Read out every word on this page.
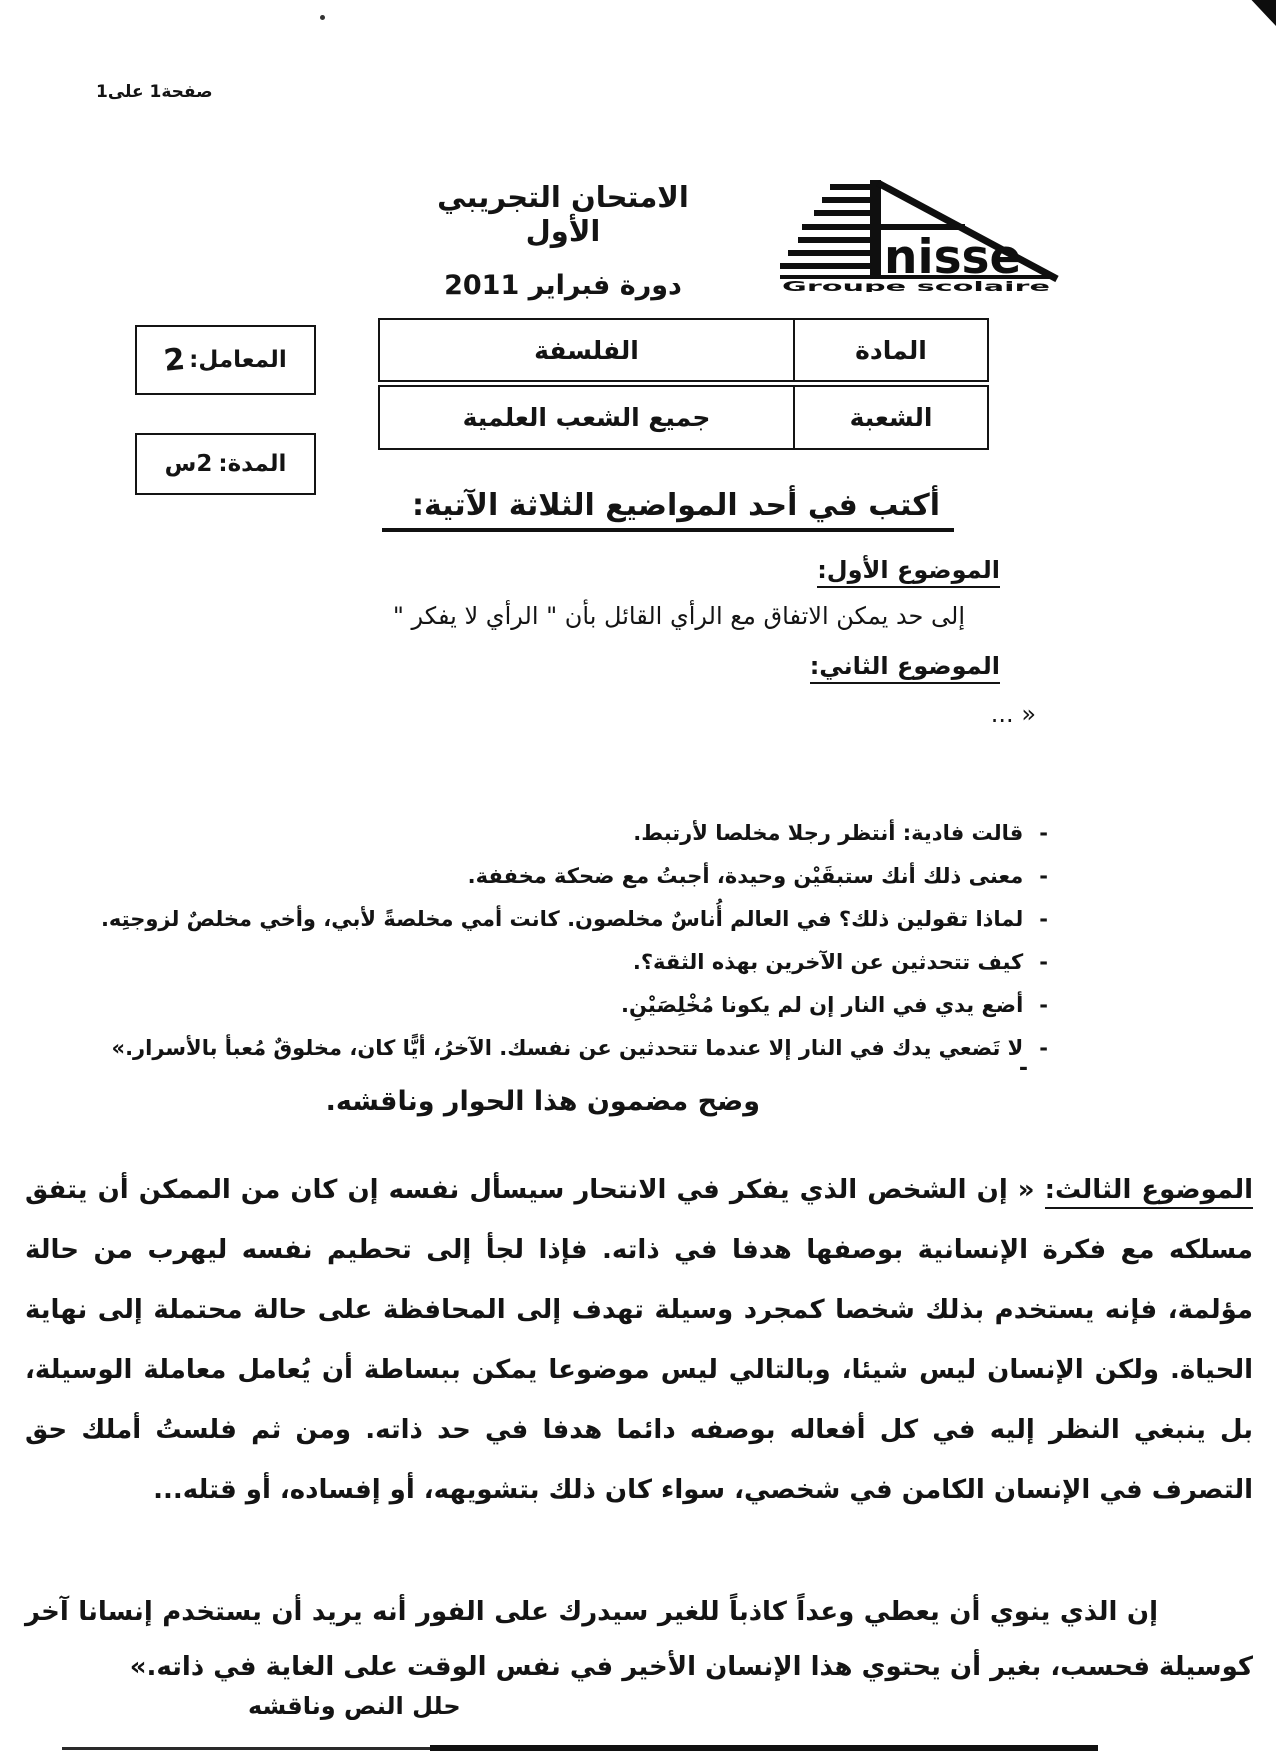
صفحة1 على1
الامتحان التجريبي الأول
دورة فبراير 2011
nisse
Groupe scolaire
المادة
الفلسفة
المعامل:
2
الشعبة
جميع الشعب العلمية
المدة:
2س
أكتب في أحد المواضيع الثلاثة الآتية:
الموضوع الأول:
إلى حد يمكن الاتفاق مع الرأي القائل بأن " الرأي لا يفكر "
الموضوع الثاني:
« ...
-
قالت فادية: أنتظر رجلا مخلصا لأرتبط.
-
معنى ذلك أنك ستبقَيْن وحيدة، أجبتُ مع ضحكة مخففة.
-
لماذا تقولين ذلك؟ في العالم أُناسٌ مخلصون. كانت أمي مخلصةً لأبي، وأخي مخلصٌ لزوجتِه.
-
كيف تتحدثين عن الآخرين بهذه الثقة؟.
-
أضع يدي في النار إن لم يكونا مُخْلِصَيْنِ.
-
لا تَضعي يدك في النار إلا عندما تتحدثين عن نفسك. الآخرُ، أيًّا كان، مخلوقٌ مُعبأ بالأسرار.»
-
وضح مضمون هذا الحوار وناقشه.
الموضوع الثالث: « إن الشخص الذي يفكر في الانتحار سيسأل نفسه إن كان من الممكن أن يتفق مسلكه مع فكرة الإنسانية بوصفها هدفا في ذاته. فإذا لجأ إلى تحطيم نفسه ليهرب من حالة مؤلمة، فإنه يستخدم بذلك شخصا كمجرد وسيلة تهدف إلى المحافظة على حالة محتملة إلى نهاية الحياة. ولكن الإنسان ليس شيئا، وبالتالي ليس موضوعا يمكن ببساطة أن يُعامل معاملة الوسيلة، بل ينبغي النظر إليه في كل أفعاله بوصفه دائما هدفا في حد ذاته. ومن ثم فلستُ أملك حق التصرف في الإنسان الكامن في شخصي، سواء كان ذلك بتشويهه، أو إفساده، أو قتله...
إن الذي ينوي أن يعطي وعداً كاذباً للغير سيدرك على الفور أنه يريد أن يستخدم إنسانا آخر كوسيلة فحسب، بغير أن يحتوي هذا الإنسان الأخير في نفس الوقت على الغاية في ذاته.»
حلل النص وناقشه
